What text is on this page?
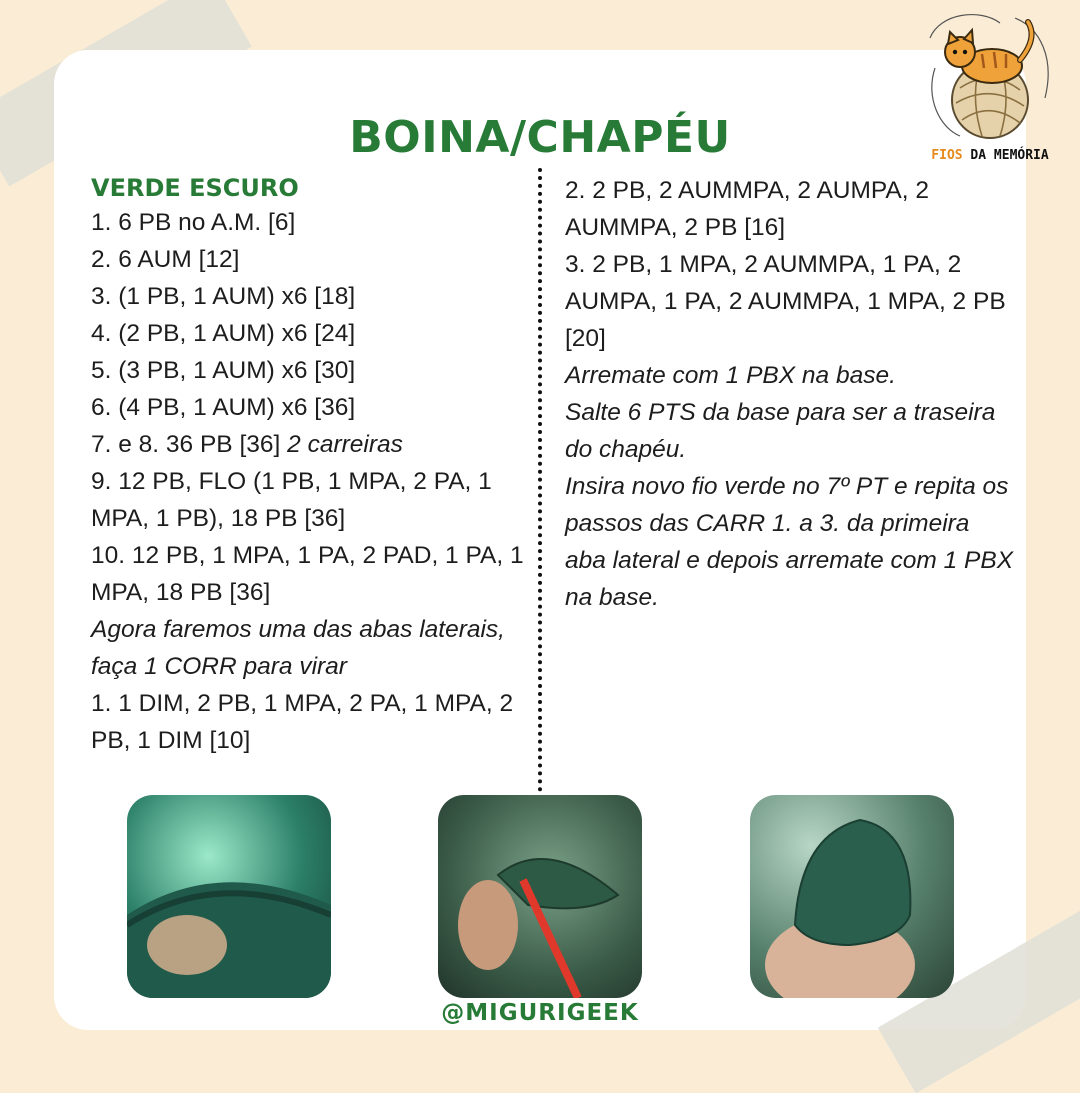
FIOS DA MEMÓRIA
BOINA/CHAPÉU
VERDE ESCURO

1. 6 PB no A.M. [6]

2. 6 AUM [12]

3. (1 PB, 1 AUM) x6 [18]

4. (2 PB, 1 AUM) x6 [24]

5. (3 PB, 1 AUM) x6 [30]

6. (4 PB, 1 AUM) x6 [36]

7. e 8. 36 PB [36] 2 carreiras

9. 12 PB, FLO (1 PB, 1 MPA, 2 PA, 1 MPA, 1 PB), 18 PB [36]

10. 12 PB, 1 MPA, 1 PA, 2 PAD, 1 PA, 1 MPA, 18 PB [36]

Agora faremos uma das abas laterais, faça 1 CORR para virar

1. 1 DIM, 2 PB, 1 MPA, 2 PA, 1 MPA, 2 PB, 1 DIM [10]

2. 2 PB, 2 AUMMPA, 2 AUMPA, 2 AUMMPA, 2 PB [16]

3. 2 PB, 1 MPA, 2 AUMMPA, 1 PA, 2 AUMPA, 1 PA, 2 AUMMPA, 1 MPA, 2 PB [20]

Arremate com 1 PBX na base.

Salte 6 PTS da base para ser a traseira do chapéu.

Insira novo fio verde no 7º PT e repita os passos das CARR 1. a 3. da primeira aba lateral e depois arremate com 1 PBX na base.

@MIGURIGEEK
